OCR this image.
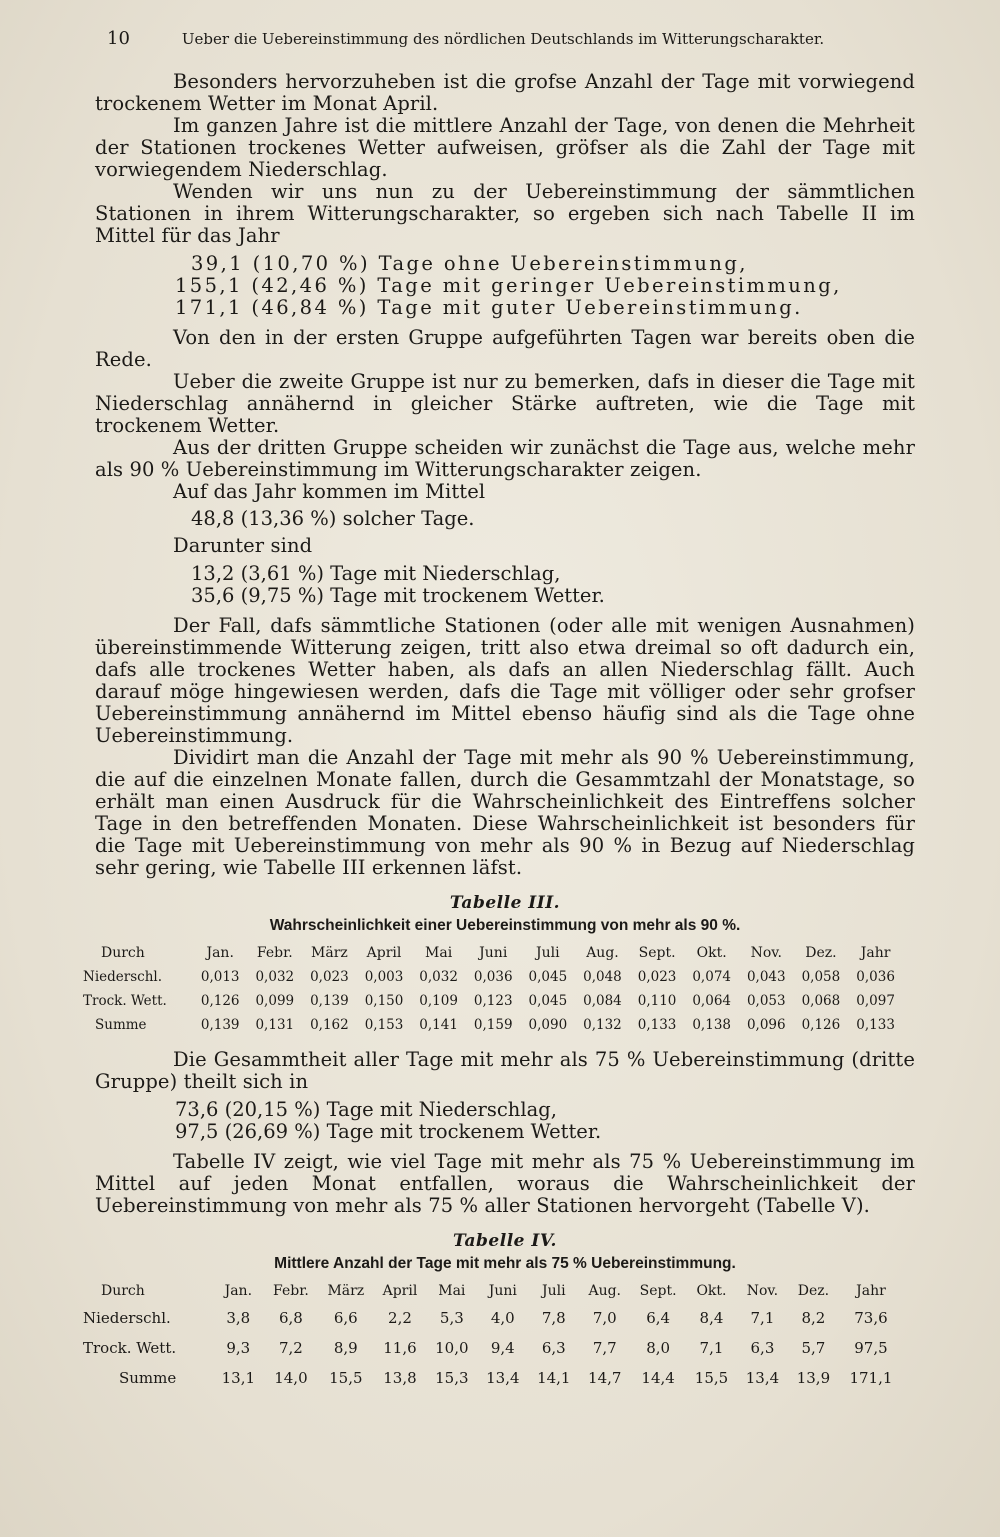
10	Ueber die Uebereinstimmung des nördlichen Deutschlands im Witterungscharakter.

Besonders hervorzuheben ist die grofse Anzahl der Tage mit vorwiegend trockenem Wetter im Monat April.

Im ganzen Jahre ist die mittlere Anzahl der Tage, von denen die Mehrheit der Stationen trockenes Wetter aufweisen, gröfser als die Zahl der Tage mit vorwiegendem Niederschlag.

Wenden wir uns nun zu der Uebereinstimmung der sämmtlichen Stationen in ihrem Witterungscharakter, so ergeben sich nach Tabelle II im Mittel für das Jahr

39,1 (10,70 %) Tage ohne Uebereinstimmung,
155,1 (42,46 %) Tage mit geringer Uebereinstimmung,
171,1 (46,84 %) Tage mit guter Uebereinstimmung.

Von den in der ersten Gruppe aufgeführten Tagen war bereits oben die Rede.

Ueber die zweite Gruppe ist nur zu bemerken, dafs in dieser die Tage mit Niederschlag annähernd in gleicher Stärke auftreten, wie die Tage mit trockenem Wetter.

Aus der dritten Gruppe scheiden wir zunächst die Tage aus, welche mehr als 90 % Uebereinstimmung im Witterungscharakter zeigen.

Auf das Jahr kommen im Mittel

48,8 (13,36 %) solcher Tage.

Darunter sind

13,2 (3,61 %) Tage mit Niederschlag,
35,6 (9,75 %) Tage mit trockenem Wetter.

Der Fall, dafs sämmtliche Stationen (oder alle mit wenigen Ausnahmen) übereinstimmende Witterung zeigen, tritt also etwa dreimal so oft dadurch ein, dafs alle trockenes Wetter haben, als dafs an allen Niederschlag fällt. Auch darauf möge hingewiesen werden, dafs die Tage mit völliger oder sehr grofser Uebereinstimmung annähernd im Mittel ebenso häufig sind als die Tage ohne Uebereinstimmung.

Dividirt man die Anzahl der Tage mit mehr als 90 % Uebereinstimmung, die auf die einzelnen Monate fallen, durch die Gesammtzahl der Monatstage, so erhält man einen Ausdruck für die Wahrscheinlichkeit des Eintreffens solcher Tage in den betreffenden Monaten. Diese Wahrscheinlichkeit ist besonders für die Tage mit Uebereinstimmung von mehr als 90 % in Bezug auf Niederschlag sehr gering, wie Tabelle III erkennen läfst.

Tabelle III.
Wahrscheinlichkeit einer Uebereinstimmung von mehr als 90 %.
Durch	Jan.	Febr.	März	April	Mai	Juni	Juli	Aug.	Sept.	Okt.	Nov.	Dez.	Jahr
Niederschl.	0,013	0,032	0,023	0,003	0,032	0,036	0,045	0,048	0,023	0,074	0,043	0,058	0,036
Trock. Wett.	0,126	0,099	0,139	0,150	0,109	0,123	0,045	0,084	0,110	0,064	0,053	0,068	0,097
Summe	0,139	0,131	0,162	0,153	0,141	0,159	0,090	0,132	0,133	0,138	0,096	0,126	0,133

Die Gesammtheit aller Tage mit mehr als 75 % Uebereinstimmung (dritte Gruppe) theilt sich in

73,6 (20,15 %) Tage mit Niederschlag,
97,5 (26,69 %) Tage mit trockenem Wetter.

Tabelle IV zeigt, wie viel Tage mit mehr als 75 % Uebereinstimmung im Mittel auf jeden Monat entfallen, woraus die Wahrscheinlichkeit der Uebereinstimmung von mehr als 75 % aller Stationen hervorgeht (Tabelle V).

Tabelle IV.
Mittlere Anzahl der Tage mit mehr als 75 % Uebereinstimmung.
Durch	Jan.	Febr.	März	April	Mai	Juni	Juli	Aug.	Sept.	Okt.	Nov.	Dez.	Jahr
Niederschl.	3,8	6,8	6,6	2,2	5,3	4,0	7,8	7,0	6,4	8,4	7,1	8,2	73,6
Trock. Wett.	9,3	7,2	8,9	11,6	10,0	9,4	6,3	7,7	8,0	7,1	6,3	5,7	97,5
Summe	13,1	14,0	15,5	13,8	15,3	13,4	14,1	14,7	14,4	15,5	13,4	13,9	171,1
